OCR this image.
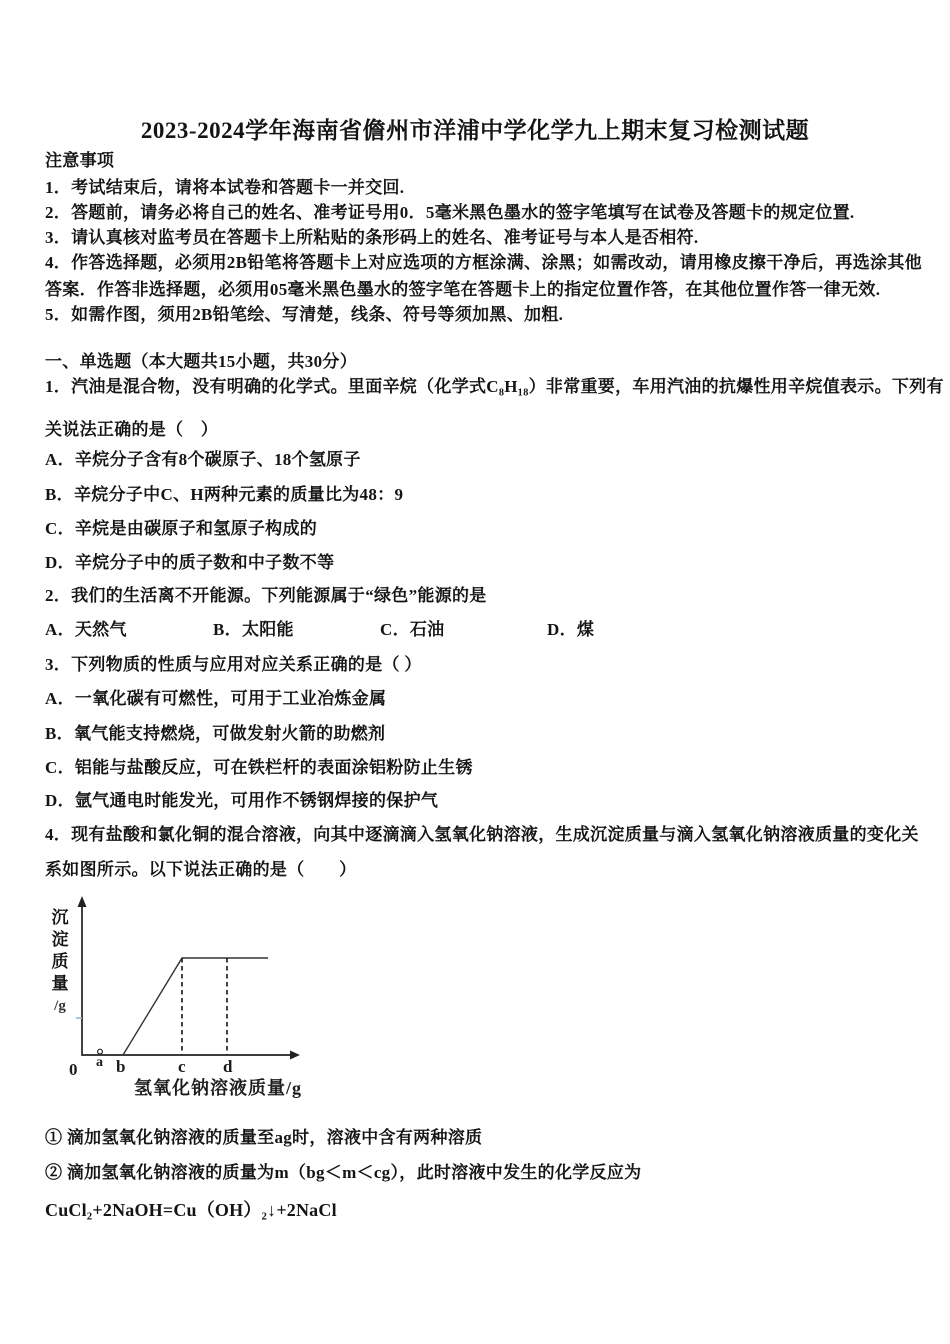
2023-2024学年海南省儋州市洋浦中学化学九上期末复习检测试题
注意事项
1．考试结束后，请将本试卷和答题卡一并交回.
2．答题前，请务必将自己的姓名、准考证号用0．5毫米黑色墨水的签字笔填写在试卷及答题卡的规定位置.
3．请认真核对监考员在答题卡上所粘贴的条形码上的姓名、准考证号与本人是否相符.
4．作答选择题，必须用2B铅笔将答题卡上对应选项的方框涂满、涂黑；如需改动，请用橡皮擦干净后，再选涂其他
答案．作答非选择题，必须用05毫米黑色墨水的签字笔在答题卡上的指定位置作答，在其他位置作答一律无效.
5．如需作图，须用2B铅笔绘、写清楚，线条、符号等须加黑、加粗.
一、单选题（本大题共15小题，共30分）
1．汽油是混合物，没有明确的化学式。里面辛烷（化学式C₈H₁₈）非常重要，车用汽油的抗爆性用辛烷值表示。下列有
关说法正确的是（　）
A．辛烷分子含有8个碳原子、18个氢原子
B．辛烷分子中C、H两种元素的质量比为48：9
C．辛烷是由碳原子和氢原子构成的
D．辛烷分子中的质子数和中子数不等
2．我们的生活离不开能源。下列能源属于“绿色”能源的是
A．天然气	B．太阳能	C．石油	D．煤
3．下列物质的性质与应用对应关系正确的是（ ）
A．一氧化碳有可燃性，可用于工业冶炼金属
B．氧气能支持燃烧，可做发射火箭的助燃剂
C．铝能与盐酸反应，可在铁栏杆的表面涂铝粉防止生锈
D．氩气通电时能发光，可用作不锈钢焊接的保护气
4．现有盐酸和氯化铜的混合溶液，向其中逐滴滴入氢氧化钠溶液，生成沉淀质量与滴入氢氧化钠溶液质量的变化关
系如图所示。以下说法正确的是（　　）
沉
淀
质
量
/g
0 a b	c d
氢氧化钠溶液质量/g
① 滴加氢氧化钠溶液的质量至ag时，溶液中含有两种溶质
② 滴加氢氧化钠溶液的质量为m（bg＜m＜cg），此时溶液中发生的化学反应为
CuCl₂+2NaOH=Cu（OH）₂↓+2NaCl
